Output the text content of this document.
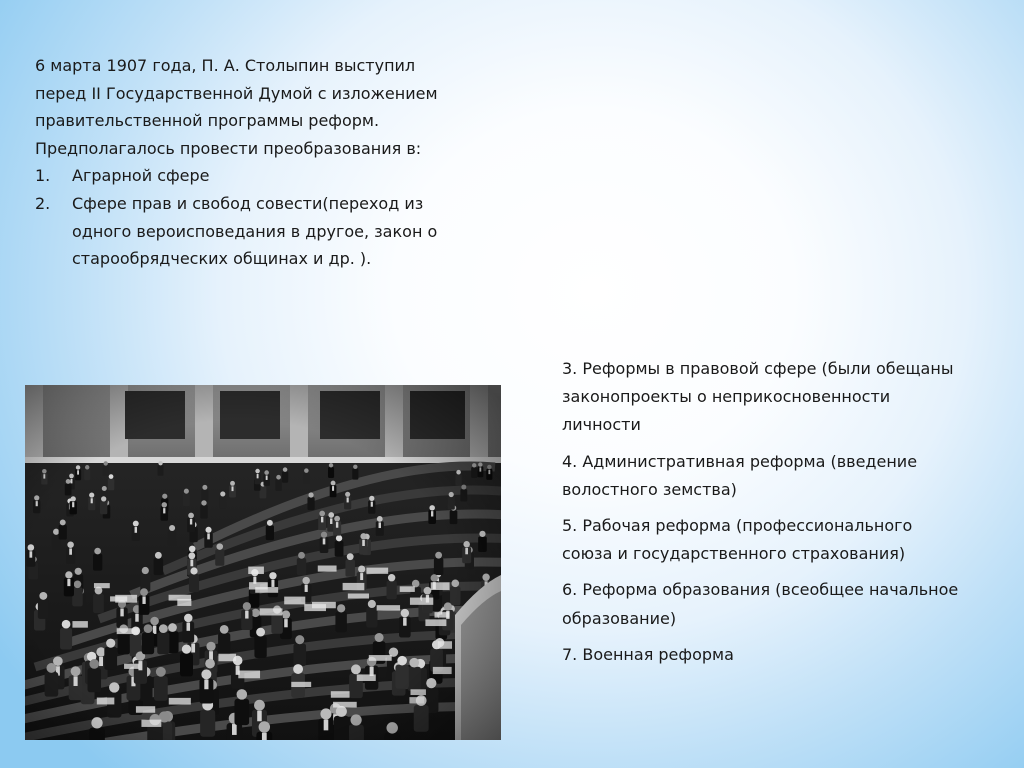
6 марта 1907 года, П. А. Столыпин выступил

перед II Государственной Думой с изложением

правительственной программы реформ.

Предполагалось провести преобразования в:

1. Аграрной сфере
2. Сфере прав и свобод совести(переход из
одного вероисповедания в другое, закон о
старообрядческих общинах и др. ).
3. Реформы в правовой сфере (были обещаны
законопроекты о неприкосновенности
личности
4. Административная реформа (введение
волостного земства)
5. Рабочая реформа (профессионального
союза и государственного страхования)
6. Реформа образования (всеобщее начальное
образование)
7. Военная реформа
